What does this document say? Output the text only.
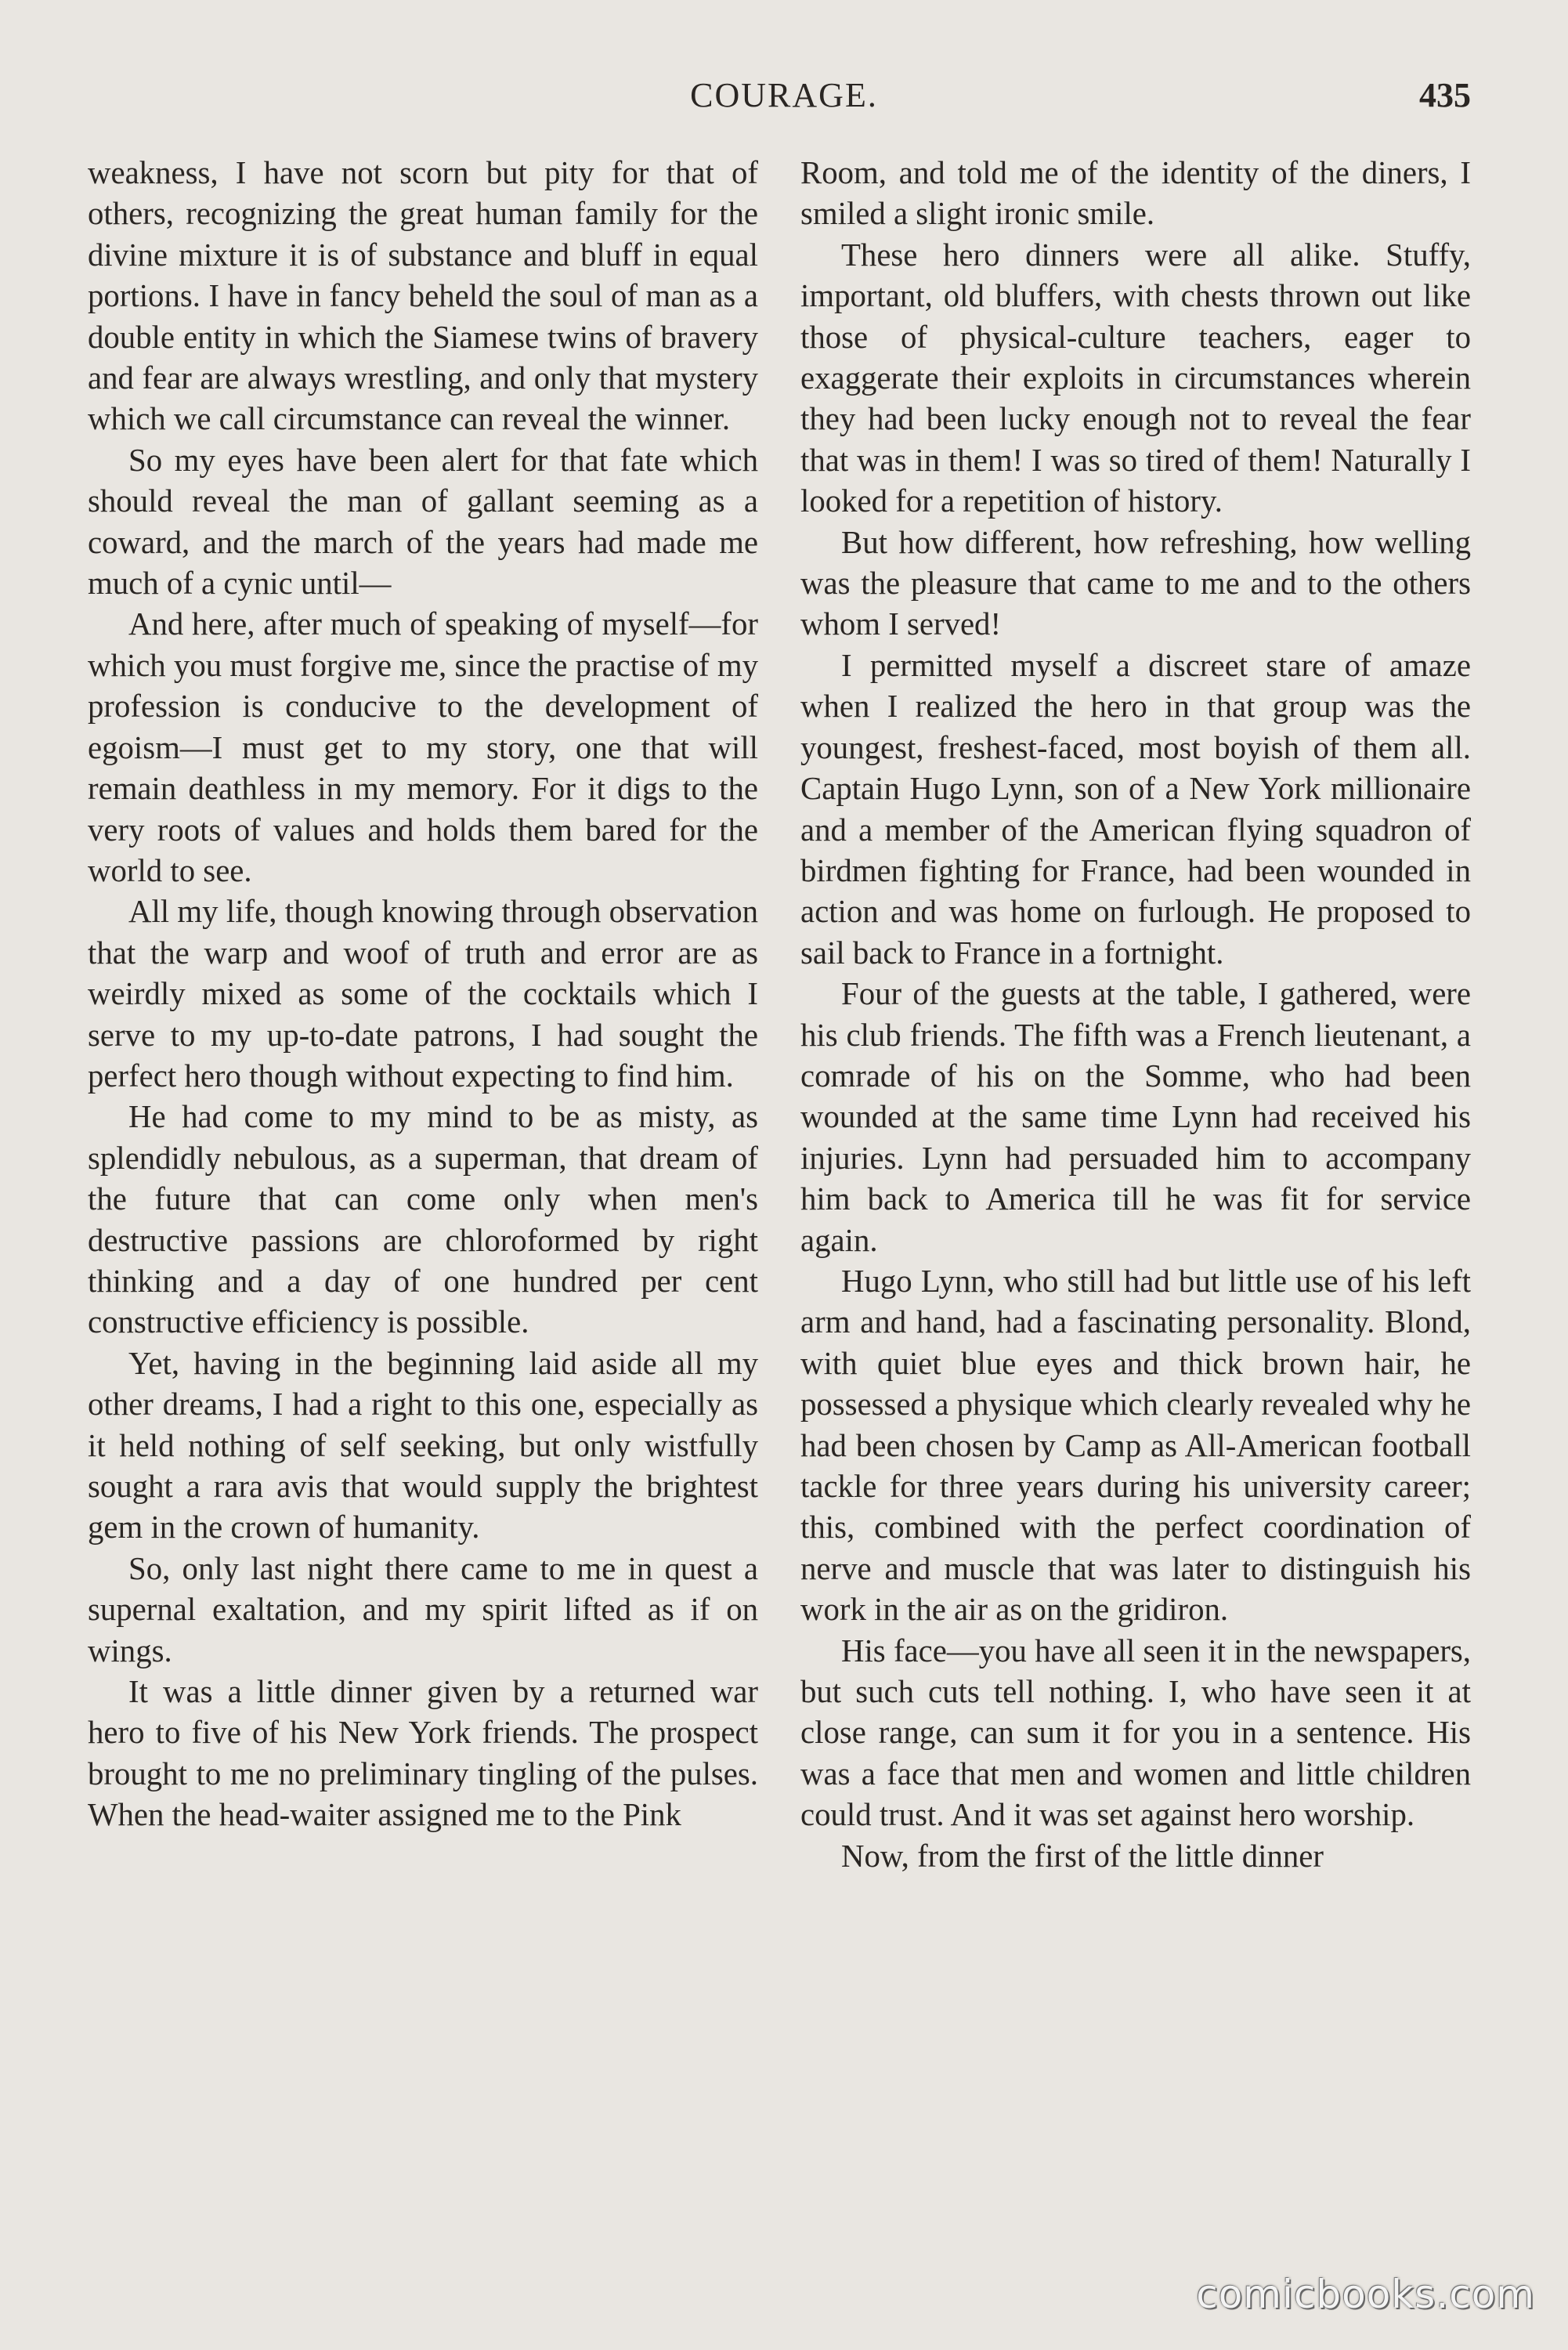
COURAGE.	435

weakness, I have not scorn but pity for that of others, recognizing the great human family for the divine mixture it is of substance and bluff in equal portions. I have in fancy beheld the soul of man as a double entity in which the Siamese twins of bravery and fear are always wrestling, and only that mystery which we call circumstance can reveal the winner.

So my eyes have been alert for that fate which should reveal the man of gallant seeming as a coward, and the march of the years had made me much of a cynic until—

And here, after much of speaking of myself—for which you must forgive me, since the practise of my profession is conducive to the development of egoism—I must get to my story, one that will remain deathless in my memory. For it digs to the very roots of values and holds them bared for the world to see.

All my life, though knowing through observation that the warp and woof of truth and error are as weirdly mixed as some of the cocktails which I serve to my up-to-date patrons, I had sought the perfect hero though without expecting to find him.

He had come to my mind to be as misty, as splendidly nebulous, as a superman, that dream of the future that can come only when men's destructive passions are chloroformed by right thinking and a day of one hundred per cent constructive efficiency is possible.

Yet, having in the beginning laid aside all my other dreams, I had a right to this one, especially as it held nothing of self seeking, but only wistfully sought a rara avis that would supply the brightest gem in the crown of humanity.

So, only last night there came to me in quest a supernal exaltation, and my spirit lifted as if on wings.

It was a little dinner given by a returned war hero to five of his New York friends. The prospect brought to me no preliminary tingling of the pulses. When the head-waiter assigned me to the Pink

Room, and told me of the identity of the diners, I smiled a slight ironic smile.

These hero dinners were all alike. Stuffy, important, old bluffers, with chests thrown out like those of physical-culture teachers, eager to exaggerate their exploits in circumstances wherein they had been lucky enough not to reveal the fear that was in them! I was so tired of them! Naturally I looked for a repetition of history.

But how different, how refreshing, how welling was the pleasure that came to me and to the others whom I served!

I permitted myself a discreet stare of amaze when I realized the hero in that group was the youngest, freshest-faced, most boyish of them all. Captain Hugo Lynn, son of a New York millionaire and a member of the American flying squadron of birdmen fighting for France, had been wounded in action and was home on furlough. He proposed to sail back to France in a fortnight.

Four of the guests at the table, I gathered, were his club friends. The fifth was a French lieutenant, a comrade of his on the Somme, who had been wounded at the same time Lynn had received his injuries. Lynn had persuaded him to accompany him back to America till he was fit for service again.

Hugo Lynn, who still had but little use of his left arm and hand, had a fascinating personality. Blond, with quiet blue eyes and thick brown hair, he possessed a physique which clearly revealed why he had been chosen by Camp as All-American football tackle for three years during his university career; this, combined with the perfect coordination of nerve and muscle that was later to distinguish his work in the air as on the gridiron.

His face—you have all seen it in the newspapers, but such cuts tell nothing. I, who have seen it at close range, can sum it for you in a sentence. His was a face that men and women and little children could trust. And it was set against hero worship.

Now, from the first of the little dinner

comicbooks.com
